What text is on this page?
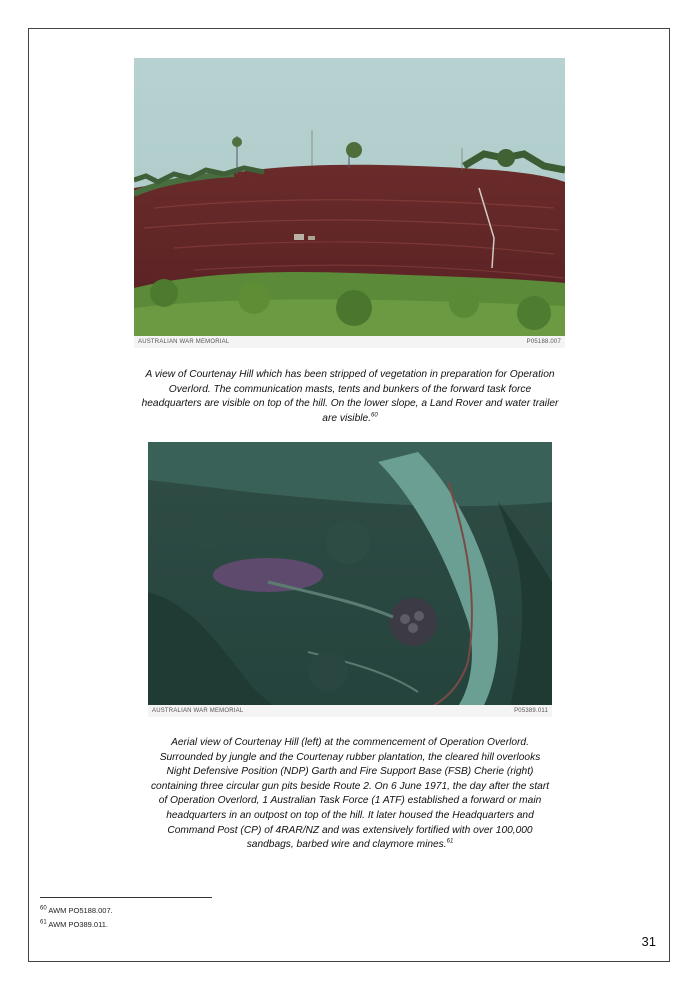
AUSTRALIAN WAR MEMORIAL	P05188.007
A view of Courtenay Hill which has been stripped of vegetation in preparation for Operation Overlord. The communication masts, tents and bunkers of the forward task force headquarters are visible on top of the hill. On the lower slope, a Land Rover and water trailer are visible.$^{60}$
AUSTRALIAN WAR MEMORIAL	P05389.011
Aerial view of Courtenay Hill (left) at the commencement of Operation Overlord. Surrounded by jungle and the Courtenay rubber plantation, the cleared hill overlooks Night Defensive Position (NDP) Garth and Fire Support Base (FSB) Cherie (right) containing three circular gun pits beside Route 2. On 6 June 1971, the day after the start of Operation Overlord, 1 Australian Task Force (1 ATF) established a forward or main headquarters in an outpost on top of the hill. It later housed the Headquarters and Command Post (CP) of 4RAR/NZ and was extensively fortified with over 100,000 sandbags, barbed wire and claymore mines.$^{61}$
$^{60}$ AWM PO5188.007.
$^{61}$ AWM PO389.011.
31
